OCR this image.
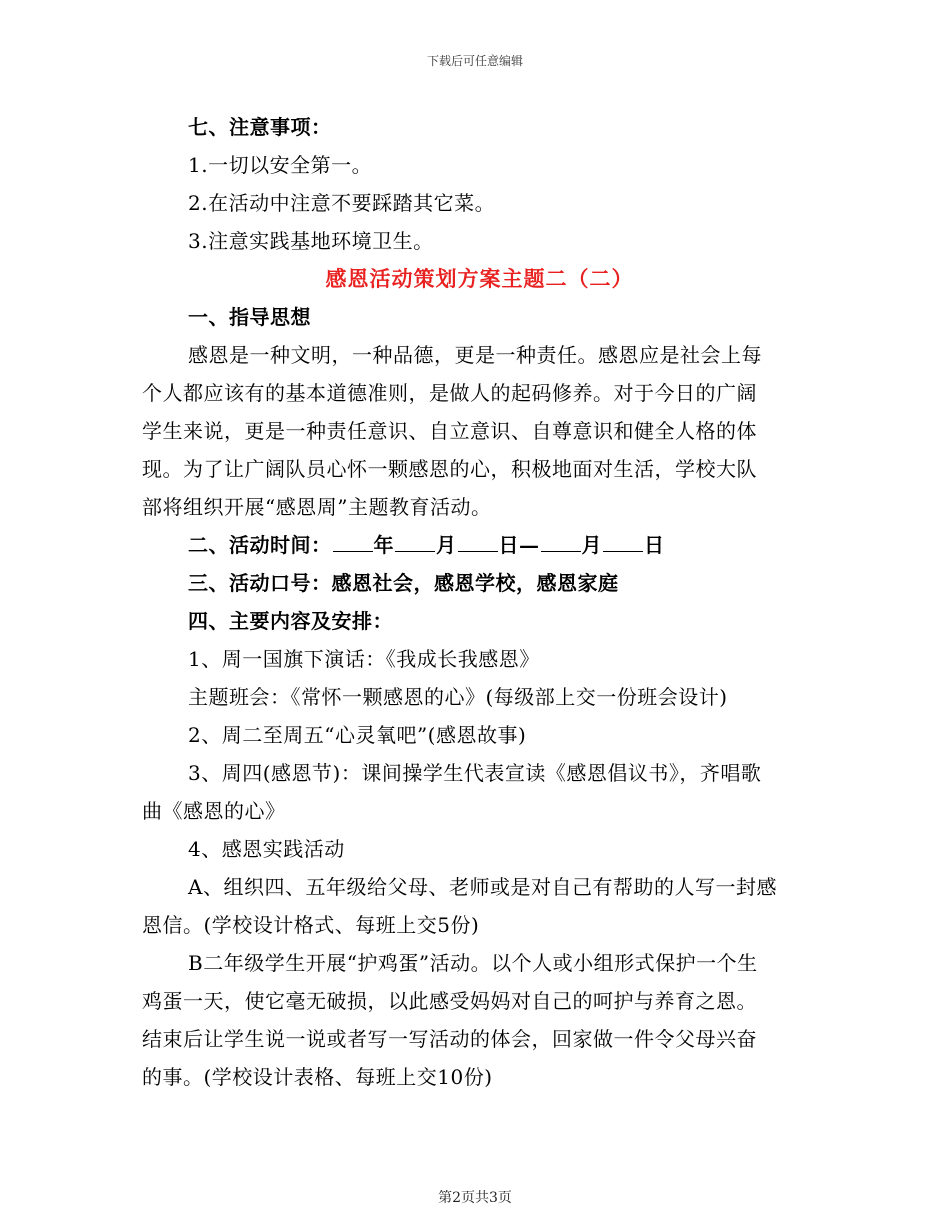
下载后可任意编辑
七、注意事项：
1.一切以安全第一。
2.在活动中注意不要踩踏其它菜。
3.注意实践基地环境卫生。
感恩活动策划方案主题二（二）
一、指导思想
感恩是一种文明，一种品德，更是一种责任。感恩应是社会上每
个人都应该有的基本道德准则，是做人的起码修养。对于今日的广阔
学生来说，更是一种责任意识、自立意识、自尊意识和健全人格的体
现。为了让广阔队员心怀一颗感恩的心，积极地面对生活，学校大队
部将组织开展“感恩周”主题教育活动。
二、活动时间： 年 月 日— 月 日
三、活动口号：感恩社会，感恩学校，感恩家庭
四、主要内容及安排：
1、周一国旗下演话：《我成长我感恩》
主题班会：《常怀一颗感恩的心》(每级部上交一份班会设计)
2、周二至周五“心灵氧吧”(感恩故事)
3、周四(感恩节)：课间操学生代表宣读《感恩倡议书》，齐唱歌
曲《感恩的心》
4、感恩实践活动
A、组织四、五年级给父母、老师或是对自己有帮助的人写一封感
恩信。(学校设计格式、每班上交5份)
B二年级学生开展“护鸡蛋”活动。以个人或小组形式保护一个生
鸡蛋一天，使它毫无破损，以此感受妈妈对自己的呵护与养育之恩。
结束后让学生说一说或者写一写活动的体会，回家做一件令父母兴奋
的事。(学校设计表格、每班上交10份)
第2页共3页
